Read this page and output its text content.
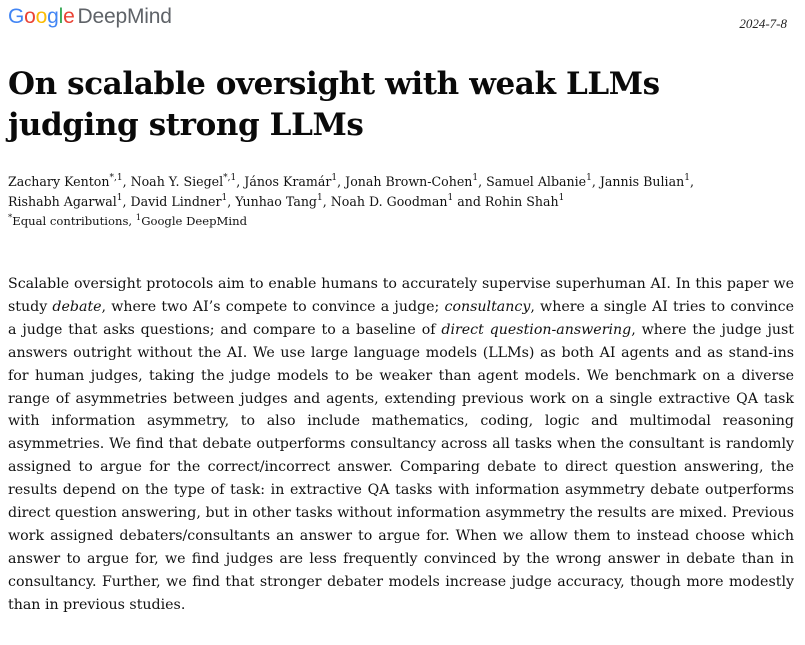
Google DeepMind	2024-7-8
On scalable oversight with weak LLMs judging strong LLMs
Zachary Kenton$^{*,1}$, Noah Y. Siegel$^{*,1}$, János Kramár$^1$, Jonah Brown-Cohen$^1$, Samuel Albanie$^1$, Jannis Bulian$^1$,
Rishabh Agarwal$^1$, David Lindner$^1$, Yunhao Tang$^1$, Noah D. Goodman$^1$ and Rohin Shah$^1$
*Equal contributions, $^1$Google DeepMind

Scalable oversight protocols aim to enable humans to accurately supervise superhuman AI. In this paper we study debate, where two AI’s compete to convince a judge; consultancy, where a single AI tries to convince a judge that asks questions; and compare to a baseline of direct question-answering, where the judge just answers outright without the AI. We use large language models (LLMs) as both AI agents and as stand-ins for human judges, taking the judge models to be weaker than agent models. We benchmark on a diverse range of asymmetries between judges and agents, extending previous work on a single extractive QA task with information asymmetry, to also include mathematics, coding, logic and multimodal reasoning asymmetries. We find that debate outperforms consultancy across all tasks when the consultant is randomly assigned to argue for the correct/incorrect answer. Comparing debate to direct question answering, the results depend on the type of task: in extractive QA tasks with information asymmetry debate outperforms direct question answering, but in other tasks without information asymmetry the results are mixed. Previous work assigned debaters/consultants an answer to argue for. When we allow them to instead choose which answer to argue for, we find judges are less frequently convinced by the wrong answer in debate than in consultancy. Further, we find that stronger debater models increase judge accuracy, though more modestly than in previous studies.
